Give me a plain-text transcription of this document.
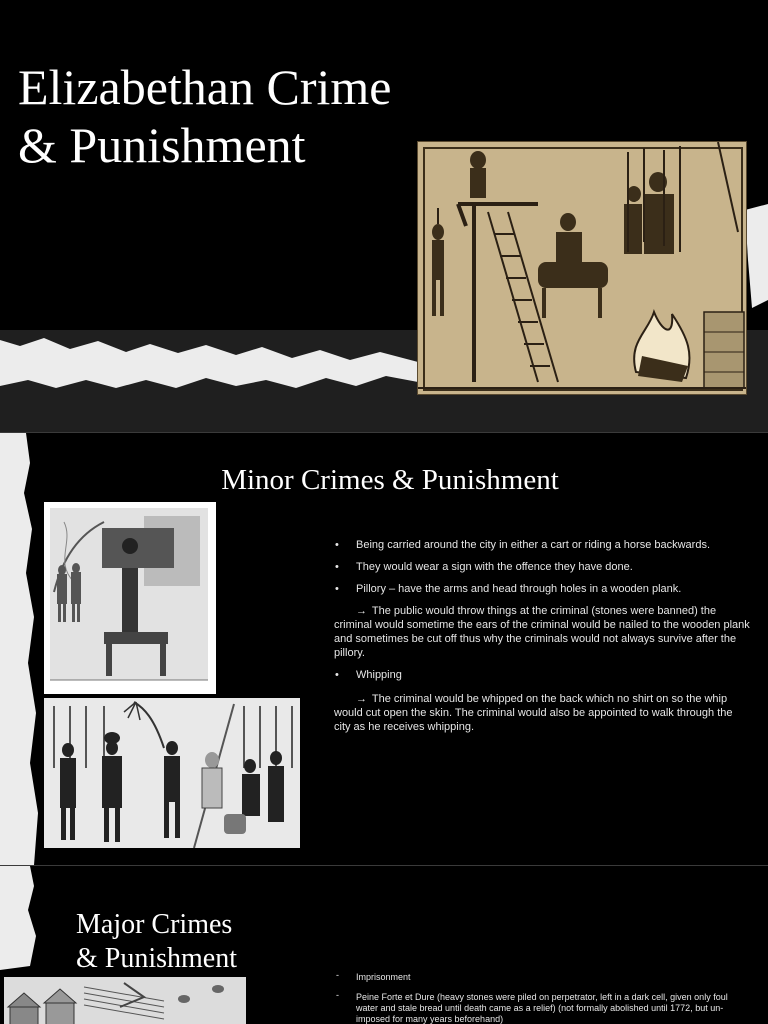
Elizabethan Crime
& Punishment
Minor Crimes & Punishment
• Being carried around the city in either a cart or riding a horse backwards.
• They would wear a sign with the offence they have done.
• Pillory – have the arms and head through holes in a wooden plank.
→ The public would throw things at the criminal (stones were banned) the criminal would sometime the ears of the criminal would be nailed to the wooden plank and sometimes be cut off thus why the criminals would not always survive after the pillory.
• Whipping
→ The criminal would be whipped on the back which no shirt on so the whip would cut open the skin. The criminal would also be appointed to walk through the city as he receives whipping.
Major Crimes
& Punishment
- Imprisonment
- Peine Forte et Dure (heavy stones were piled on perpetrator, left in a dark cell, given only foul water and stale bread until death came as a relief) (not formally abolished until 1772, but un-imposed for many years beforehand)
